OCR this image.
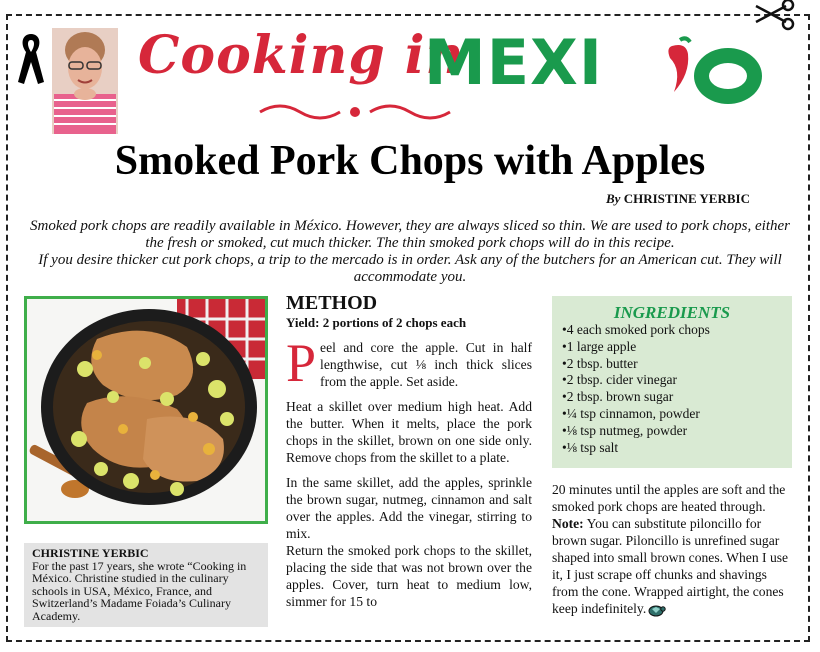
Cooking in
MEXI
Smoked Pork Chops with Apples
By CHRISTINE YERBIC

Smoked pork chops are readily available in México. However, they are always sliced so thin. We are used to pork chops, either the fresh or smoked, cut much thicker. The thin smoked pork chops will do in this recipe.

If you desire thicker cut pork chops, a trip to the mercado is in order. Ask any of the butchers for an American cut. They will accommodate you.

CHRISTINE YERBIC
For the past 17 years, she wrote “Cooking in México. Christine studied in the culinary schools in USA, México, France, and Switzerland’s Madame Foiada’s Culinary Academy.
METHOD
Yield: 2 portions of 2 chops each

Peel and core the apple. Cut in half lengthwise, cut ⅛ inch thick slices from the apple. Set aside.

Heat a skillet over medium high heat. Add the butter. When it melts, place the pork chops in the skillet, brown on one side only. Remove chops from the skillet to a plate.

In the same skillet, add the apples, sprinkle the brown sugar, nutmeg, cinnamon and salt over the apples. Add the vinegar, stirring to mix.

Return the smoked pork chops to the skillet, placing the side that was not brown over the apples. Cover, turn heat to medium low, simmer for 15 to

INGREDIENTS
•4 each smoked pork chops
•1 large apple
•2 tbsp. butter
•2 tbsp. cider vinegar
•2 tbsp. brown sugar
•¼ tsp cinnamon, powder
•⅛ tsp nutmeg, powder
•⅛ tsp salt

20 minutes until the apples are soft and the smoked pork chops are heated through.

Note: You can substitute piloncillo for brown sugar. Piloncillo is unrefined sugar shaped into small brown cones. When I use it, I just scrape off chunks and shavings from the cone. Wrapped airtight, the cones keep indefinitely.
